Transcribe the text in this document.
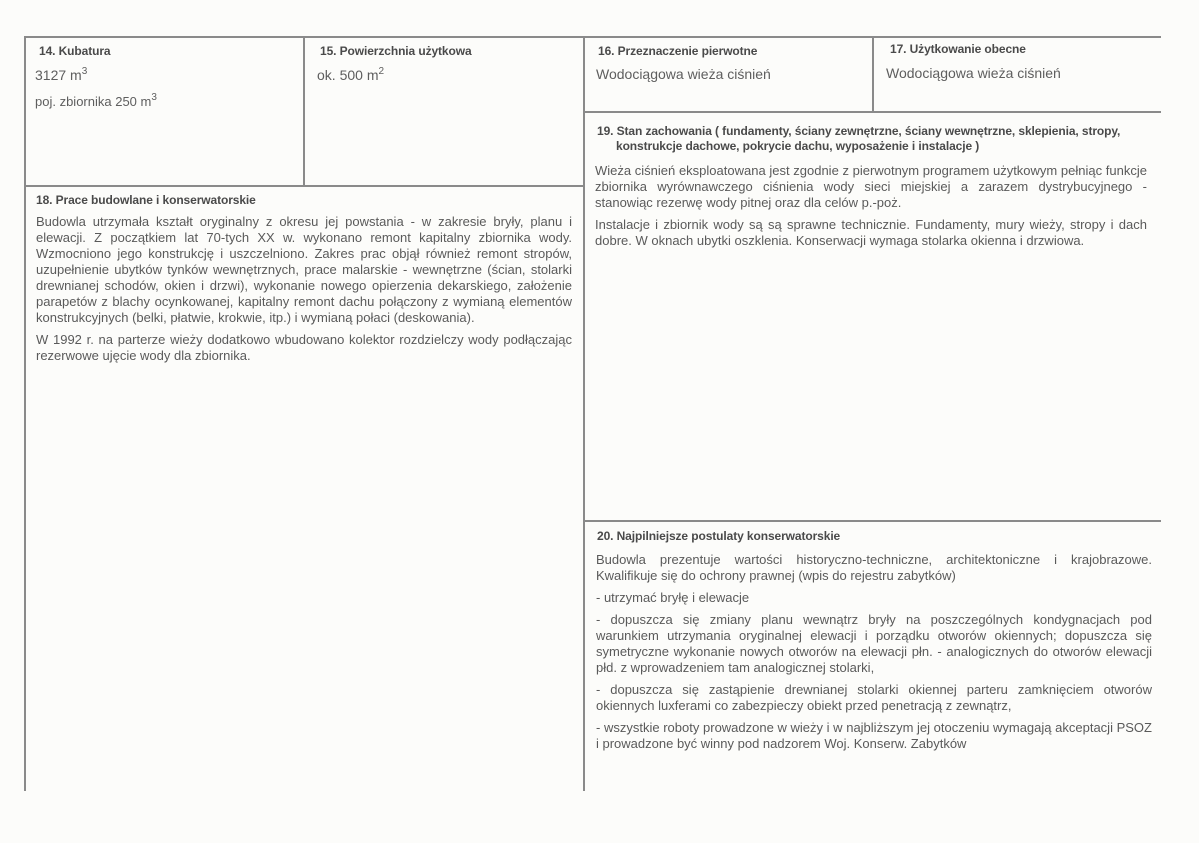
14. Kubatura
3127 $m^3$
poj. zbiornika 250 $m^3$
15. Powierzchnia użytkowa
ok. 500 $m^2$
16. Przeznaczenie pierwotne
Wodociągowa wieża ciśnień
17. Użytkowanie obecne
Wodociągowa wieża ciśnień
19. Stan zachowania ( fundamenty, ściany zewnętrzne, ściany wewnętrzne, sklepienia, stropy,
konstrukcje dachowe, pokrycie dachu, wyposażenie i instalacje )

Wieża ciśnień eksploatowana jest zgodnie z pierwotnym programem użytkowym pełniąc funkcje zbiornika wyrównawczego ciśnienia wody sieci miejskiej a zarazem dystrybucyjnego - stanowiąc rezerwę wody pitnej oraz dla celów p.-poż.

Instalacje i zbiornik wody są są sprawne technicznie. Fundamenty, mury wieży, stropy i dach dobre. W oknach ubytki oszklenia. Konserwacji wymaga stolarka okienna i drzwiowa.

18. Prace budowlane i konserwatorskie

Budowla utrzymała kształt oryginalny z okresu jej powstania - w zakresie bryły, planu i elewacji. Z początkiem lat 70-tych XX w. wykonano remont kapitalny zbiornika wody. Wzmocniono jego konstrukcję i uszczelniono. Zakres prac objął również remont stropów, uzupełnienie ubytków tynków wewnętrznych, prace malarskie - wewnętrzne (ścian, stolarki drewnianej schodów, okien i drzwi), wykonanie nowego opierzenia dekarskiego, założenie parapetów z blachy ocynkowanej, kapitalny remont dachu połączony z wymianą elementów konstrukcyjnych (belki, płatwie, krokwie, itp.) i wymianą połaci (deskowania).

W 1992 r. na parterze wieży dodatkowo wbudowano kolektor rozdzielczy wody podłączając rezerwowe ujęcie wody dla zbiornika.

20. Najpilniejsze postulaty konserwatorskie

Budowla prezentuje wartości historyczno-techniczne, architektoniczne i krajobrazowe. Kwalifikuje się do ochrony prawnej (wpis do rejestru zabytków)

- utrzymać bryłę i elewacje

- dopuszcza się zmiany planu wewnątrz bryły na poszczególnych kondygnacjach pod warunkiem utrzymania oryginalnej elewacji i porządku otworów okiennych; dopuszcza się symetryczne wykonanie nowych otworów na elewacji płn. - analogicznych do otworów elewacji płd. z wprowadzeniem tam analogicznej stolarki,

- dopuszcza się zastąpienie drewnianej stolarki okiennej parteru zamknięciem otworów okiennych luxferami co zabezpieczy obiekt przed penetracją z zewnątrz,

- wszystkie roboty prowadzone w wieży i w najbliższym jej otoczeniu wymagają akceptacji PSOZ i prowadzone być winny pod nadzorem Woj. Konserw. Zabytków
